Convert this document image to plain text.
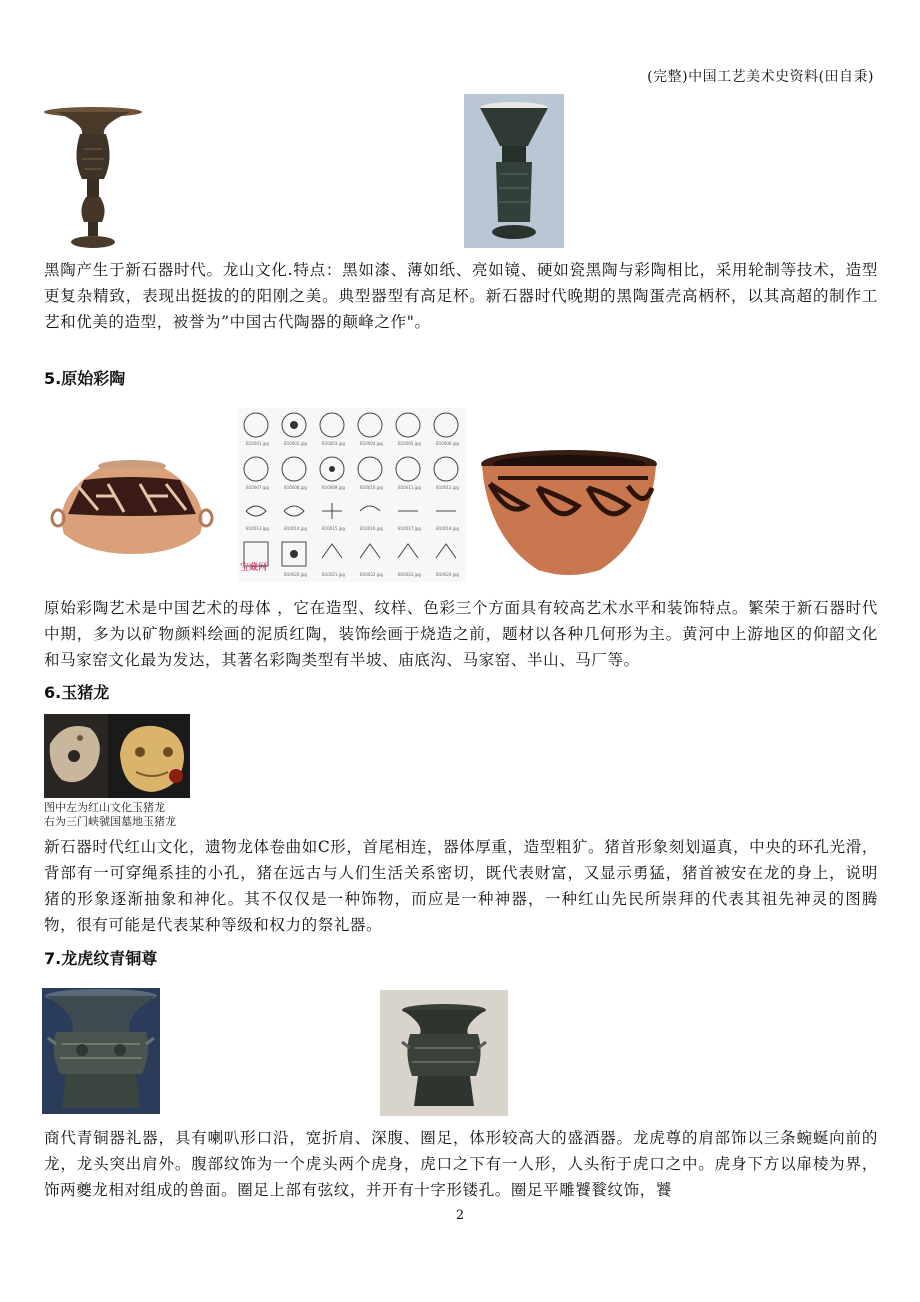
(完整)中国工艺美术史资料(田自秉)
黑陶产生于新石器时代。龙山文化.特点：黑如漆、薄如纸、亮如镜、硬如瓷黑陶与彩陶相比，采用轮制等技术，造型更复杂精致，表现出挺拔的的阳刚之美。典型器型有高足杯。新石器时代晚期的黑陶蛋壳高柄杯，以其高超的制作工艺和优美的造型，被誉为”中国古代陶器的颠峰之作"。
5.原始彩陶
B10001.jpg	B10002.jpg	B10003.jpg	B10004.jpg	B10005.jpg	B10006.jpg
B10007.jpg	B10008.jpg	B10009.jpg	B10010.jpg	B10011.jpg	B10012.jpg
B10013.jpg	B10014.jpg	B10015.jpg	B10016.jpg	B10017.jpg	B10018.jpg
B10020.jpg	B10021.jpg	B10022.jpg	B10023.jpg	B10024.jpg
宝藏网
原始彩陶艺术是中国艺术的母体 ，它在造型、纹样、色彩三个方面具有较高艺术水平和装饰特点。繁荣于新石器时代中期，多为以矿物颜料绘画的泥质红陶，装饰绘画于烧造之前，题材以各种几何形为主。黄河中上游地区的仰韶文化和马家窑文化最为发达，其著名彩陶类型有半坡、庙底沟、马家窑、半山、马厂等。
6.玉猪龙
图中左为红山文化玉猪龙
右为三门峡虢国墓地玉猪龙
新石器时代红山文化，遗物龙体卷曲如C形，首尾相连，器体厚重，造型粗犷。猪首形象刻划逼真，中央的环孔光滑，背部有一可穿绳系挂的小孔，猪在远古与人们生活关系密切，既代表财富，又显示勇猛，猪首被安在龙的身上，说明猪的形象逐渐抽象和神化。其不仅仅是一种饰物，而应是一种神器，一种红山先民所崇拜的代表其祖先神灵的图腾物，很有可能是代表某种等级和权力的祭礼器。
7.龙虎纹青铜尊
商代青铜器礼器，具有喇叭形口沿，宽折肩、深腹、圈足，体形较高大的盛酒器。龙虎尊的肩部饰以三条蜿蜒向前的龙，龙头突出肩外。腹部纹饰为一个虎头两个虎身，虎口之下有一人形，人头衔于虎口之中。虎身下方以扉棱为界，饰两夔龙相对组成的兽面。圈足上部有弦纹，并开有十字形镂孔。圈足平雕饕餮纹饰，饕
2
